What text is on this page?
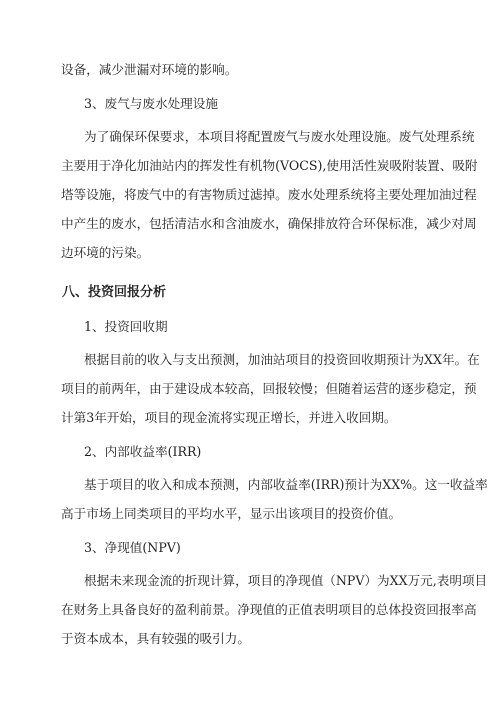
设备，减少泄漏对环境的影响。
3、废气与废水处理设施
为了确保环保要求，本项目将配置废气与废水处理设施。废气处理系统
主要用于净化加油站内的挥发性有机物(VOCS),使用活性炭吸附装置、吸附
塔等设施，将废气中的有害物质过滤掉。废水处理系统将主要处理加油过程
中产生的废水，包括清洁水和含油废水，确保排放符合环保标准，减少对周
边环境的污染。
八、投资回报分析
1、投资回收期
根据目前的收入与支出预测，加油站项目的投资回收期预计为XX年。在
项目的前两年，由于建设成本较高，回报较慢；但随着运营的逐步稳定，预
计第3年开始，项目的现金流将实现正增长，并进入收回期。
2、内部收益率(IRR)
基于项目的收入和成本预测，内部收益率(IRR)预计为XX%。这一收益率
高于市场上同类项目的平均水平，显示出该项目的投资价值。
3、净现值(NPV)
根据未来现金流的折现计算，项目的净现值（NPV）为XX万元,表明项目
在财务上具备良好的盈利前景。净现值的正值表明项目的总体投资回报率高
于资本成本，具有较强的吸引力。
